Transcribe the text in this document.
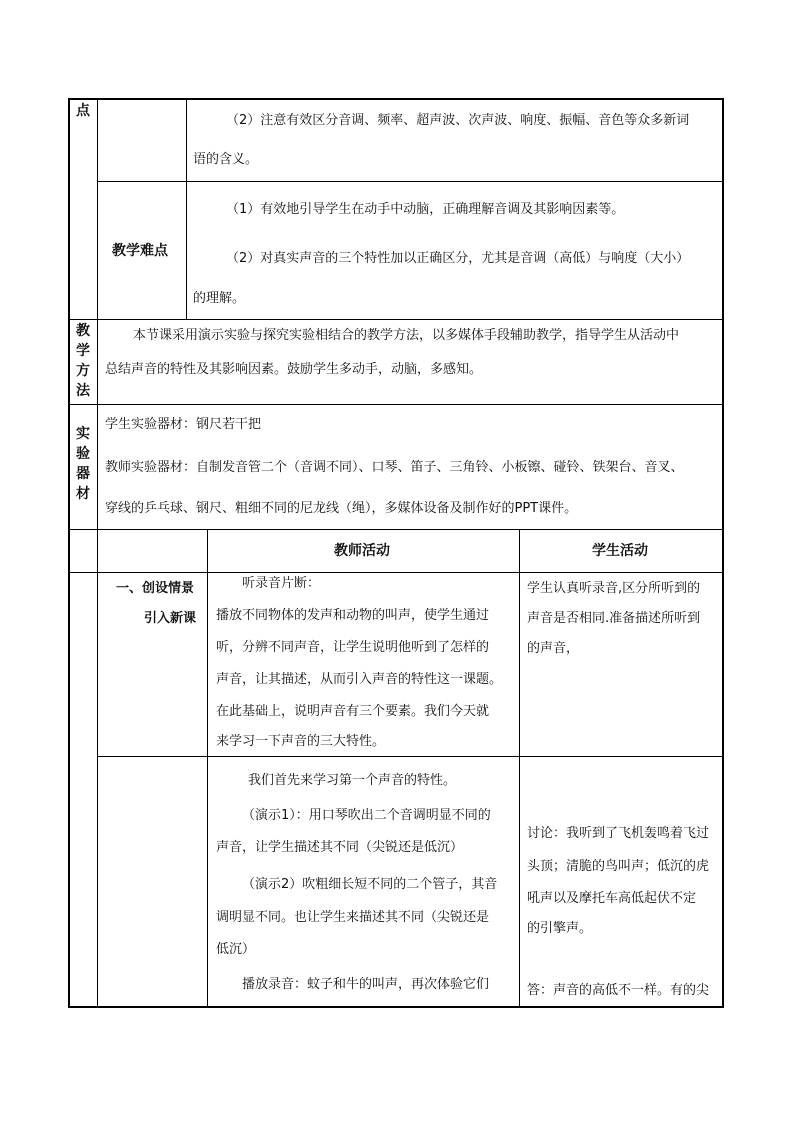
点
（2）注意有效区分音调、频率、超声波、次声波、响度、振幅、音色等众多新词
语的含义。
教学难点
（1）有效地引导学生在动手中动脑，正确理解音调及其影响因素等。
（2）对真实声音的三个特性加以正确区分，尤其是音调（高低）与响度（大小）
的理解。
教
学
方
法
本节课采用演示实验与探究实验相结合的教学方法，以多媒体手段辅助教学，指导学生从活动中
总结声音的特性及其影响因素。鼓励学生多动手，动脑，多感知。
实
验
器
材
学生实验器材：钢尺若干把
教师实验器材：自制发音管二个（音调不同）、口琴、笛子、三角铃、小板镲、碰铃、铁架台、音叉、
穿线的乒乓球、钢尺、粗细不同的尼龙线（绳），多媒体设备及制作好的PPT课件。
教师活动	学生活动
一、创设情景
引入新课
听录音片断：
播放不同物体的发声和动物的叫声，使学生通过
听，分辨不同声音，让学生说明他听到了怎样的
声音，让其描述，从而引入声音的特性这一课题。
在此基础上，说明声音有三个要素。我们今天就
来学习一下声音的三大特性。
学生认真听录音,区分所听到的
声音是否相同.准备描述所听到
的声音，
我们首先来学习第一个声音的特性。
（演示1）：用口琴吹出二个音调明显不同的
声音，让学生描述其不同（尖锐还是低沉）
（演示2）吹粗细长短不同的二个管子，其音
调明显不同。也让学生来描述其不同（尖锐还是
低沉）
播放录音：蚊子和牛的叫声，再次体验它们
讨论：我听到了飞机轰鸣着飞过
头顶；清脆的鸟叫声；低沉的虎
吼声以及摩托车高低起伏不定
的引擎声。
答：声音的高低不一样。有的尖
